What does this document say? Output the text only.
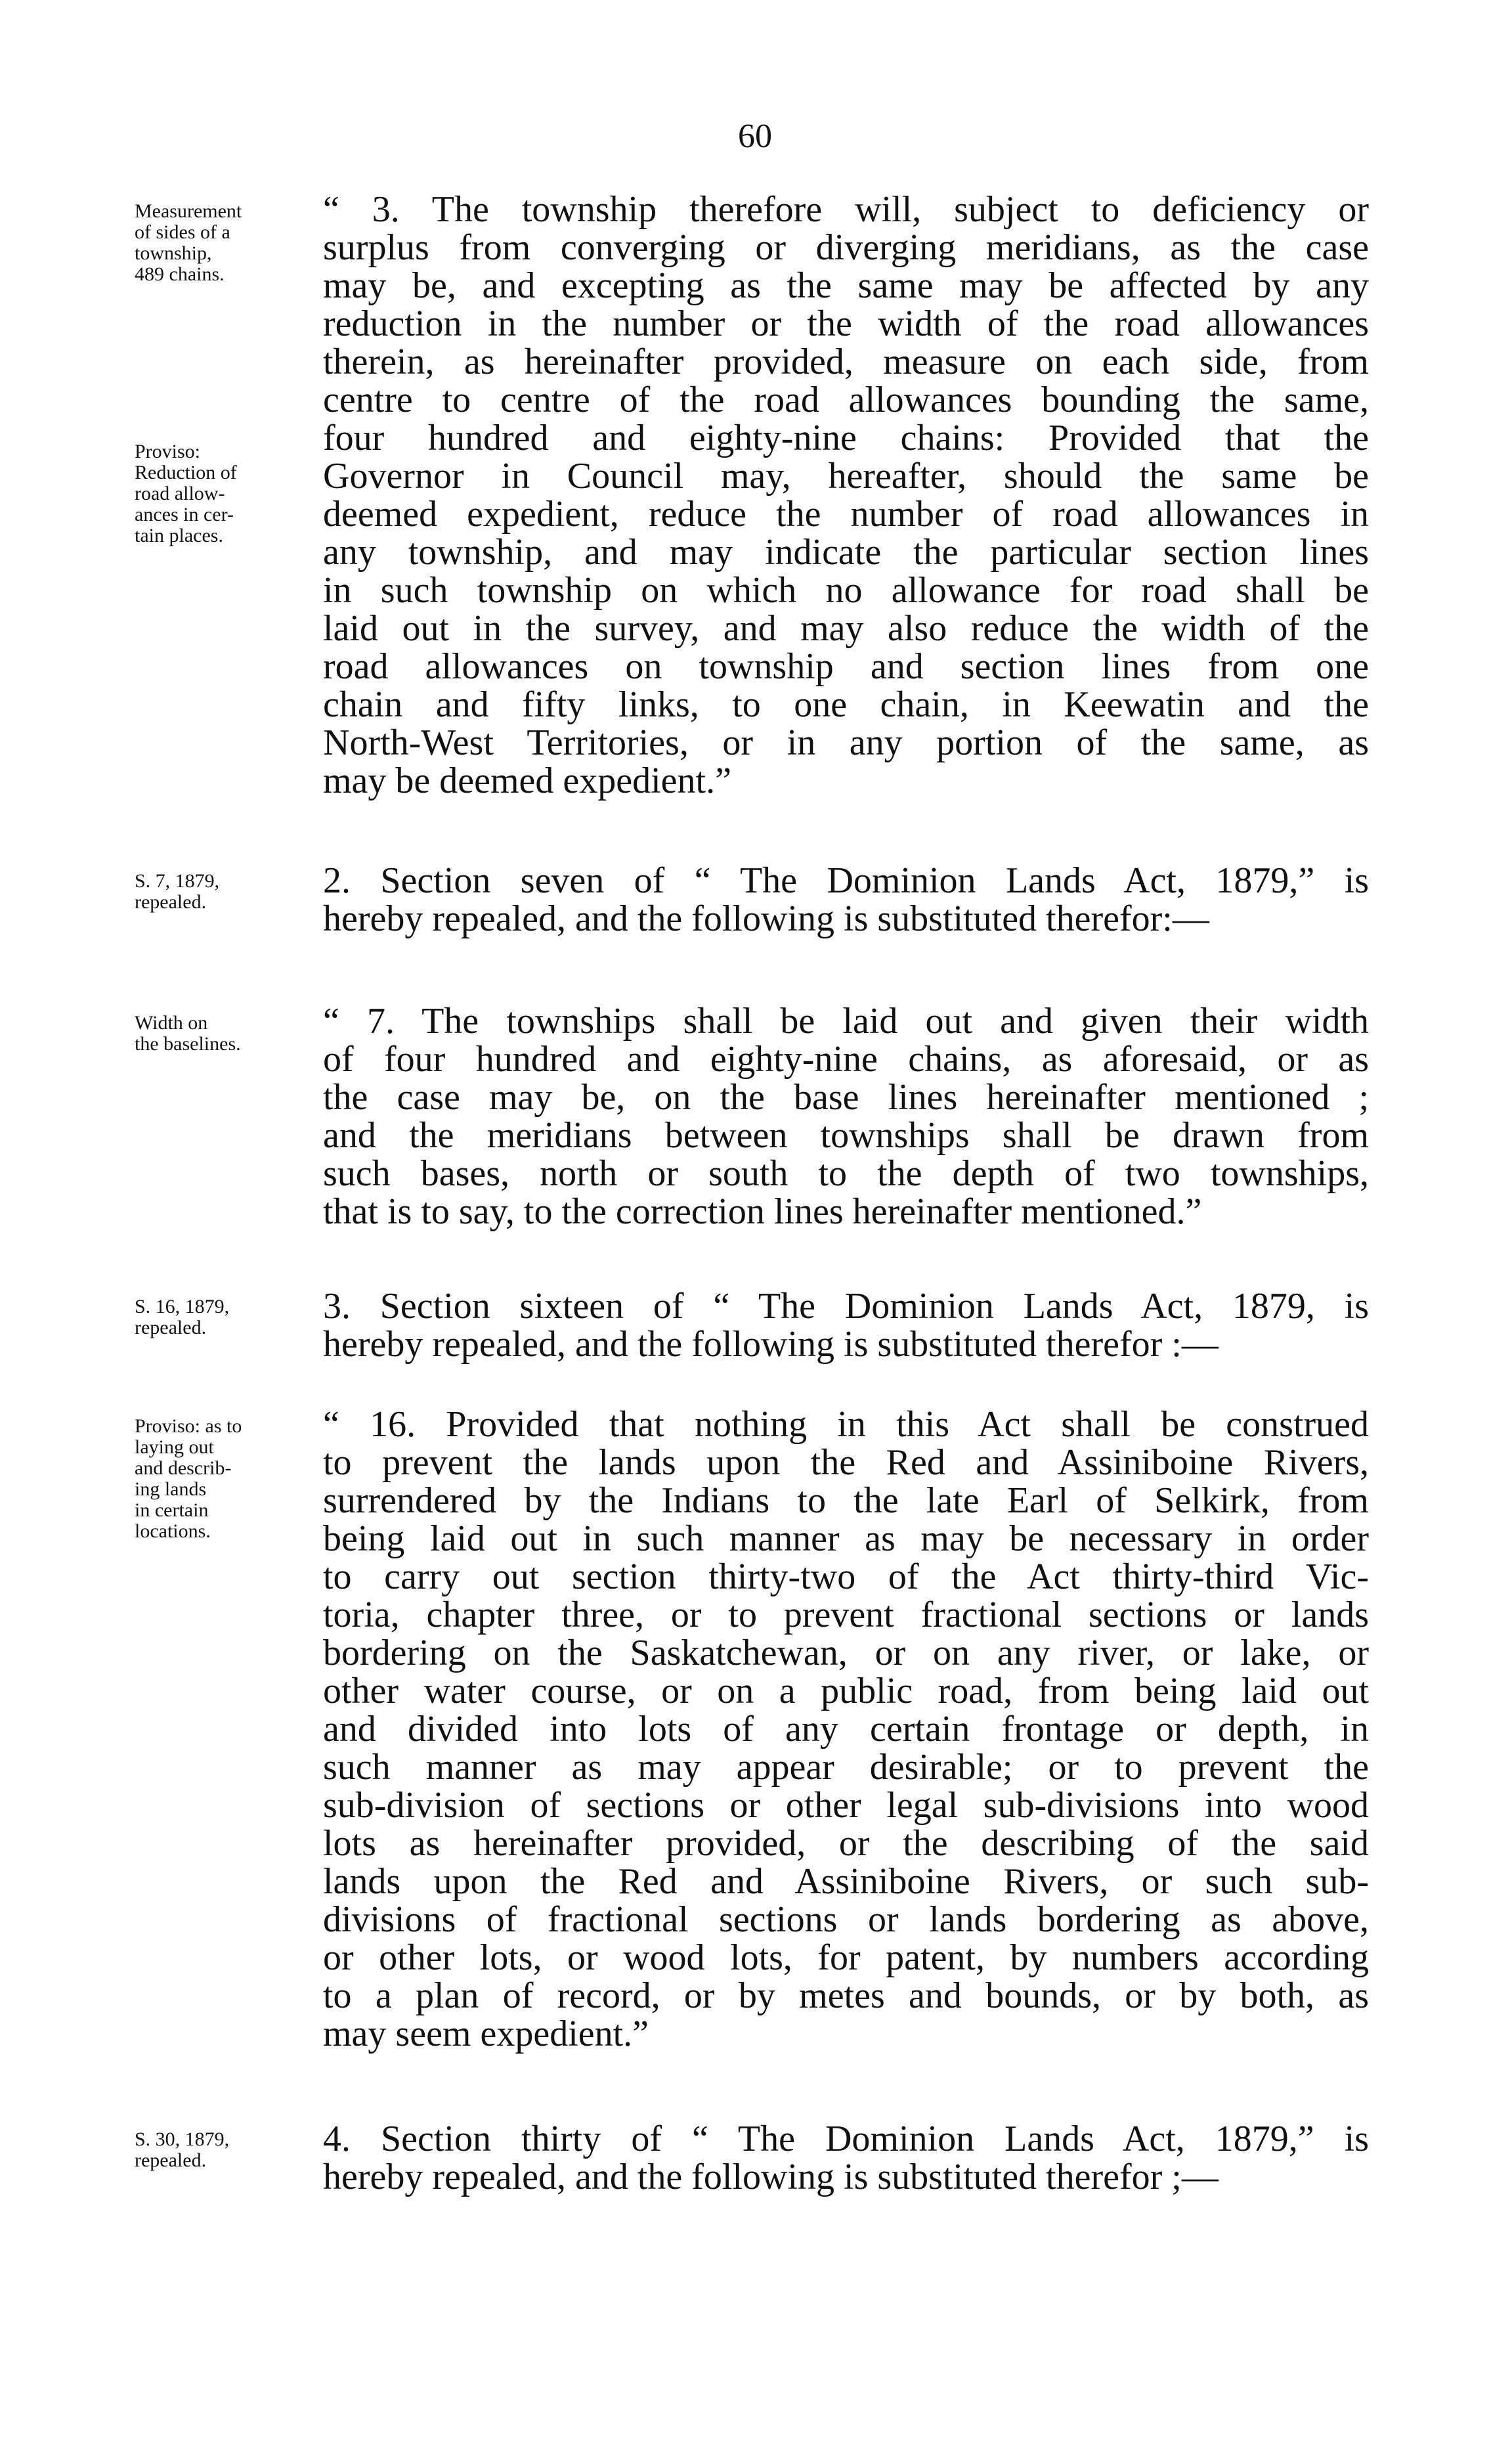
60
Measurement
of sides of a
township,
489 chains.
“ 3. The township therefore will, subject to deficiency or
surplus from converging or diverging meridians, as the case
may be, and excepting as the same may be affected by any
reduction in the number or the width of the road allowances
therein, as hereinafter provided, measure on each side, from
centre to centre of the road allowances bounding the same,
four hundred and eighty-nine chains: Provided that the
Governor in Council may, hereafter, should the same be
deemed expedient, reduce the number of road allowances in
any township, and may indicate the particular section lines
in such township on which no allowance for road shall be
laid out in the survey, and may also reduce the width of the
road allowances on township and section lines from one
chain and fifty links, to one chain, in Keewatin and the
North-West Territories, or in any portion of the same, as
may be deemed expedient.”
Proviso:
Reduction of
road allow-
ances in cer-
tain places.
S. 7, 1879,
repealed.
2. Section seven of “ The Dominion Lands Act, 1879,” is
hereby repealed, and the following is substituted therefor:—
Width on
the baselines.
“ 7. The townships shall be laid out and given their width
of four hundred and eighty-nine chains, as aforesaid, or as
the case may be, on the base lines hereinafter mentioned ;
and the meridians between townships shall be drawn from
such bases, north or south to the depth of two townships,
that is to say, to the correction lines hereinafter mentioned.”
S. 16, 1879,
repealed.
3. Section sixteen of “ The Dominion Lands Act, 1879, is
hereby repealed, and the following is substituted therefor :—
Proviso: as to
laying out
and describ-
ing lands
in certain
locations.
“ 16. Provided that nothing in this Act shall be construed
to prevent the lands upon the Red and Assiniboine Rivers,
surrendered by the Indians to the late Earl of Selkirk, from
being laid out in such manner as may be necessary in order
to carry out section thirty-two of the Act thirty-third Vic-
toria, chapter three, or to prevent fractional sections or lands
bordering on the Saskatchewan, or on any river, or lake, or
other water course, or on a public road, from being laid out
and divided into lots of any certain frontage or depth, in
such manner as may appear desirable; or to prevent the
sub-division of sections or other legal sub-divisions into wood
lots as hereinafter provided, or the describing of the said
lands upon the Red and Assiniboine Rivers, or such sub-
divisions of fractional sections or lands bordering as above,
or other lots, or wood lots, for patent, by numbers according
to a plan of record, or by metes and bounds, or by both, as
may seem expedient.”
S. 30, 1879,
repealed.
4. Section thirty of “ The Dominion Lands Act, 1879,” is
hereby repealed, and the following is substituted therefor ;—
